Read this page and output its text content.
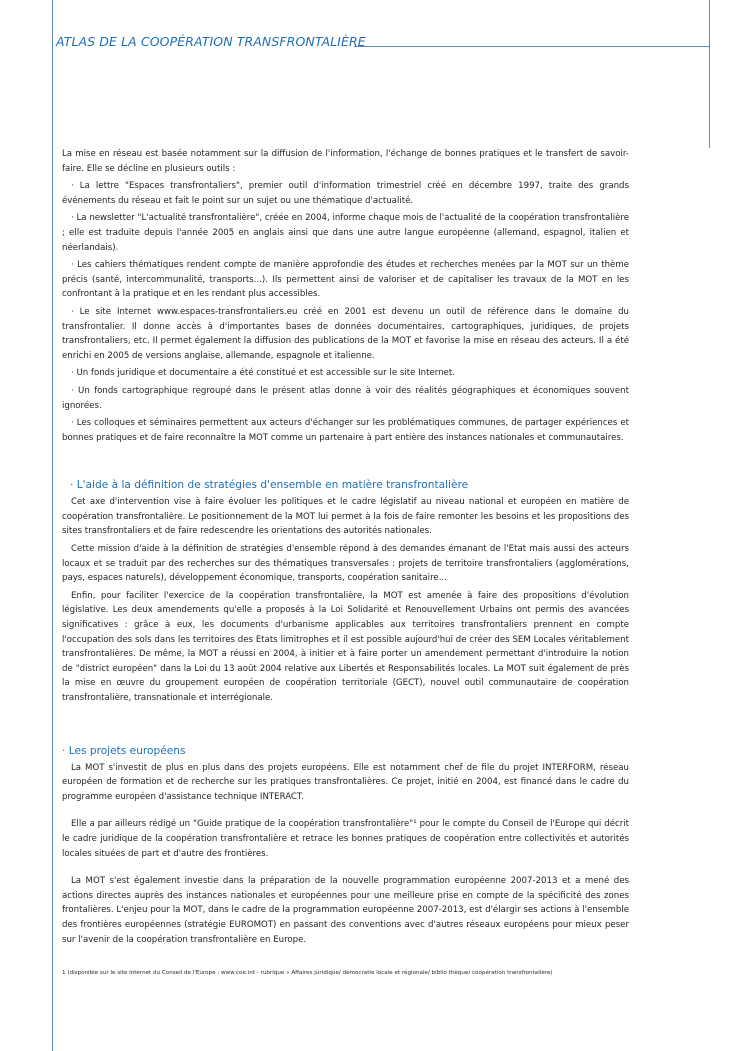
ATLAS DE LA COOPÉRATION TRANSFRONTALIÈRE

La mise en réseau est basée notamment sur la diffusion de l'information, l'échange de bonnes pratiques et le transfert de savoir-faire. Elle se décline en plusieurs outils :

· La lettre "Espaces transfrontaliers", premier outil d'information trimestriel créé en décembre 1997, traite des grands événements du réseau et fait le point sur un sujet ou une thématique d'actualité.

· La newsletter "L'actualité transfrontalière", créée en 2004, informe chaque mois de l'actualité de la coopération transfrontalière ; elle est traduite depuis l'année 2005 en anglais ainsi que dans une autre langue européenne (allemand, espagnol, italien et néerlandais).

· Les cahiers thématiques rendent compte de manière approfondie des études et recherches menées par la MOT sur un thème précis (santé, intercommunalité, transports...). Ils permettent ainsi de valoriser et de capitaliser les travaux de la MOT en les confrontant à la pratique et en les rendant plus accessibles.

· Le site Internet www.espaces-transfrontaliers.eu créé en 2001 est devenu un outil de référence dans le domaine du transfrontalier. Il donne accès à d'importantes bases de données documentaires, cartographiques, juridiques, de projets transfrontaliers, etc. Il permet également la diffusion des publications de la MOT et favorise la mise en réseau des acteurs. Il a été enrichi en 2005 de versions anglaise, allemande, espagnole et italienne.

· Un fonds juridique et documentaire a été constitué et est accessible sur le site Internet.

· Un fonds cartographique regroupé dans le présent atlas donne à voir des réalités géographiques et économiques souvent ignorées.

· Les colloques et séminaires permettent aux acteurs d'échanger sur les problématiques communes, de partager expériences et bonnes pratiques et de faire reconnaître la MOT comme un partenaire à part entière des instances nationales et communautaires.

· L'aide à la définition de stratégies d'ensemble en matière transfrontalière

Cet axe d'intervention vise à faire évoluer les politiques et le cadre législatif au niveau national et européen en matière de coopération transfrontalière. Le positionnement de la MOT lui permet à la fois de faire remonter les besoins et les propositions des sites transfrontaliers et de faire redescendre les orientations des autorités nationales.

Cette mission d'aide à la définition de stratégies d'ensemble répond à des demandes émanant de l'Etat mais aussi des acteurs locaux et se traduit par des recherches sur des thématiques transversales : projets de territoire transfrontaliers (agglomérations, pays, espaces naturels), développement économique, transports, coopération sanitaire...

Enfin, pour faciliter l'exercice de la coopération transfrontalière, la MOT est amenée à faire des propositions d'évolution législative. Les deux amendements qu'elle a proposés à la Loi Solidarité et Renouvellement Urbains ont permis des avancées significatives : grâce à eux, les documents d'urbanisme applicables aux territoires transfrontaliers prennent en compte l'occupation des sols dans les territoires des Etats limitrophes et il est possible aujourd'hui de créer des SEM Locales véritablement transfrontalières. De même, la MOT a réussi en 2004, à initier et à faire porter un amendement permettant d'introduire la notion de "district européen" dans la Loi du 13 août 2004 relative aux Libertés et Responsabilités locales. La MOT suit également de près la mise en œuvre du groupement européen de coopération territoriale (GECT), nouvel outil communautaire de coopération transfrontalière, transnationale et interrégionale.

· Les projets européens

La MOT s'investit de plus en plus dans des projets européens. Elle est notamment chef de file du projet INTERFORM, réseau européen de formation et de recherche sur les pratiques transfrontalières. Ce projet, initié en 2004, est financé dans le cadre du programme européen d'assistance technique INTERACT.

Elle a par ailleurs rédigé un "Guide pratique de la coopération transfrontalière"¹ pour le compte du Conseil de l'Europe qui décrit le cadre juridique de la coopération transfrontalière et retrace les bonnes pratiques de coopération entre collectivités et autorités locales situées de part et d'autre des frontières.

La MOT s'est également investie dans la préparation de la nouvelle programmation européenne 2007-2013 et a mené des actions directes auprès des instances nationales et européennes pour une meilleure prise en compte de la spécificité des zones frontalières. L'enjeu pour la MOT, dans le cadre de la programmation européenne 2007-2013, est d'élargir ses actions à l'ensemble des frontières européennes (stratégie EUROMOT) en passant des conventions avec d'autres réseaux européens pour mieux peser sur l'avenir de la coopération transfrontalière en Europe.

1 (disponible sur le site internet du Conseil de l'Europe : www.coe.int - rubrique « Affaires juridique/ démocratie locale et régionale/ biblio thèque/ coopération transfrontalière)
